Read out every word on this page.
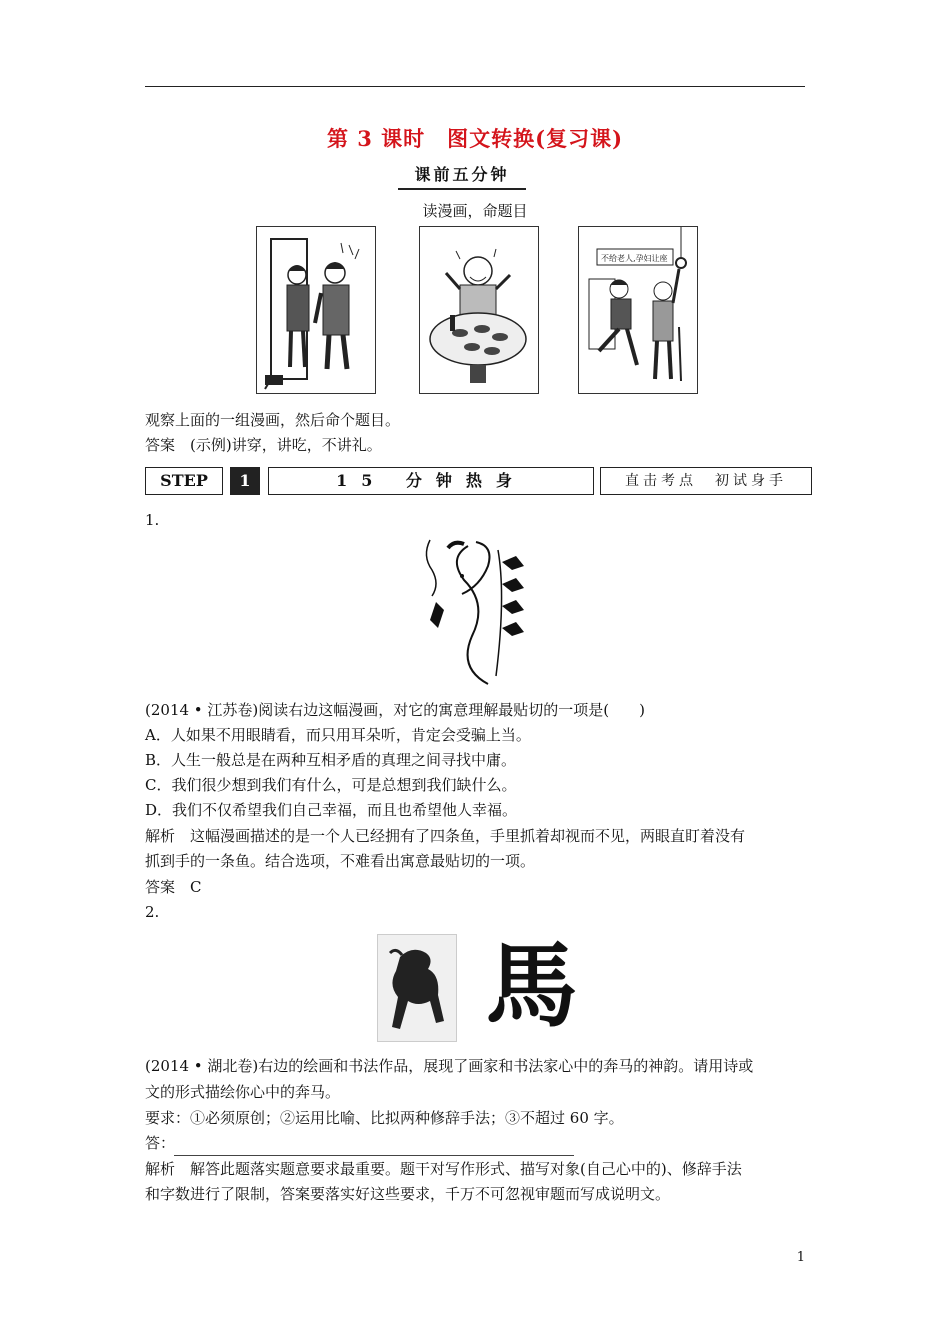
第 3 课时　图文转换(复习课)
课前五分钟
读漫画，命题目
不给老人,孕妇让座
观察上面的一组漫画，然后命个题目。
答案　(示例)讲穿，讲吃，不讲礼。
STEP	1	15 分钟热身	直击考点　初试身手
1.
(2014 • 江苏卷)阅读右边这幅漫画，对它的寓意理解最贴切的一项是(　　)
A．人如果不用眼睛看，而只用耳朵听，肯定会受骗上当。
B．人生一般总是在两种互相矛盾的真理之间寻找中庸。
C．我们很少想到我们有什么，可是总想到我们缺什么。
D．我们不仅希望我们自己幸福，而且也希望他人幸福。
解析　这幅漫画描述的是一个人已经拥有了四条鱼，手里抓着却视而不见，两眼直盯着没有
抓到手的一条鱼。结合选项，不难看出寓意最贴切的一项。
答案　C
2.
馬
(2014 • 湖北卷)右边的绘画和书法作品，展现了画家和书法家心中的奔马的神韵。请用诗或
文的形式描绘你心中的奔马。
要求：①必须原创；②运用比喻、比拟两种修辞手法；③不超过 60 字。
答：
解析　解答此题落实题意要求最重要。题干对写作形式、描写对象(自己心中的)、修辞手法
和字数进行了限制，答案要落实好这些要求，千万不可忽视审题而写成说明文。
1
